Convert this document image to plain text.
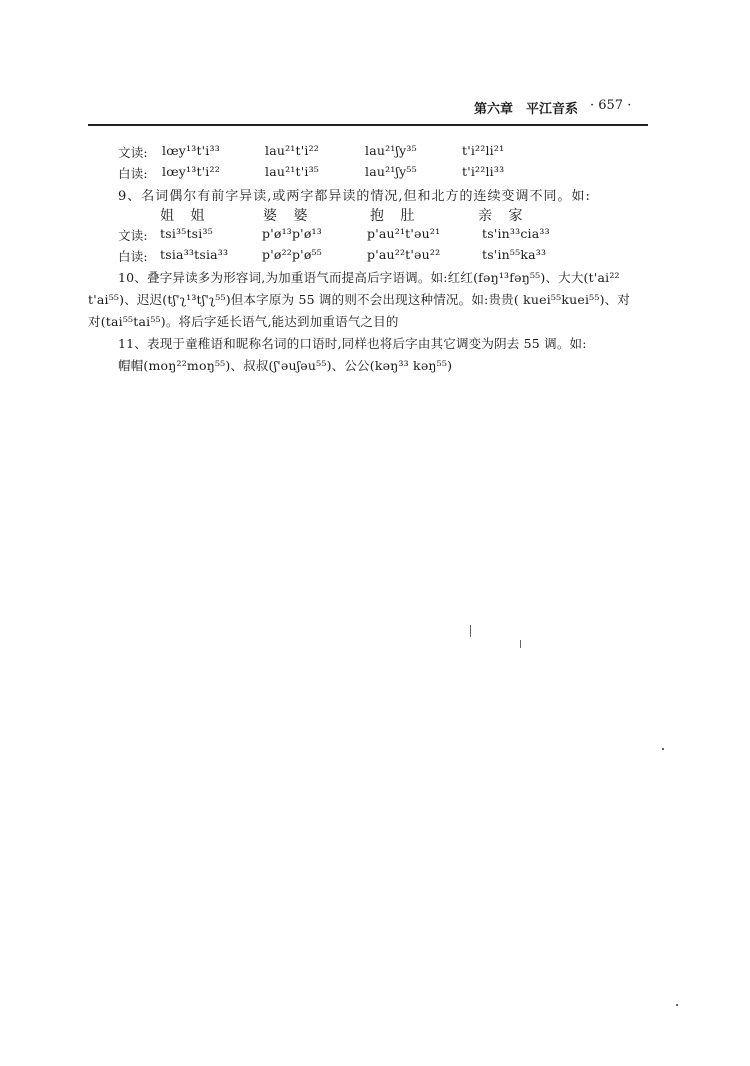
第六章 平江音系 · 657 ·
文读: lœy¹³t'i³³	lau²¹t'i²²	lau²¹ʃy³⁵	t'i²²li²¹
白读: lœy¹³t'i²²	lau²¹t'i³⁵	lau²¹ʃy⁵⁵	t'i²²li³³
9、名词偶尔有前字异读,或两字都异读的情况,但和北方的连续变调不同。如:
姐 姐	婆 婆	抱 肚	亲 家
文读: tsi³⁵tsi³⁵	p'ø¹³p'ø¹³	p'au²¹t'əu²¹	ts'in³³cia³³
白读: tsia³³tsia³³	p'ø²²p'ø⁵⁵	p'au²²t'əu²²	ts'in⁵⁵ka³³
10、叠字异读多为形容词,为加重语气而提高后字语调。如:红红(fəŋ¹³fəŋ⁵⁵)、大大(t'ai²²
t'ai⁵⁵)、迟迟(tʃ'ʅ¹³tʃ'ʅ⁵⁵)但本字原为 55 调的则不会出现这种情况。如:贵贵( kuei⁵⁵kuei⁵⁵)、对
对(tai⁵⁵tai⁵⁵)。将后字延长语气,能达到加重语气之目的
11、表现于童稚语和昵称名词的口语时,同样也将后字由其它调变为阴去 55 调。如:
帽帽(moŋ²²moŋ⁵⁵)、叔叔(ʃ'əuʃəu⁵⁵)、公公(kəŋ³³ kəŋ⁵⁵)
